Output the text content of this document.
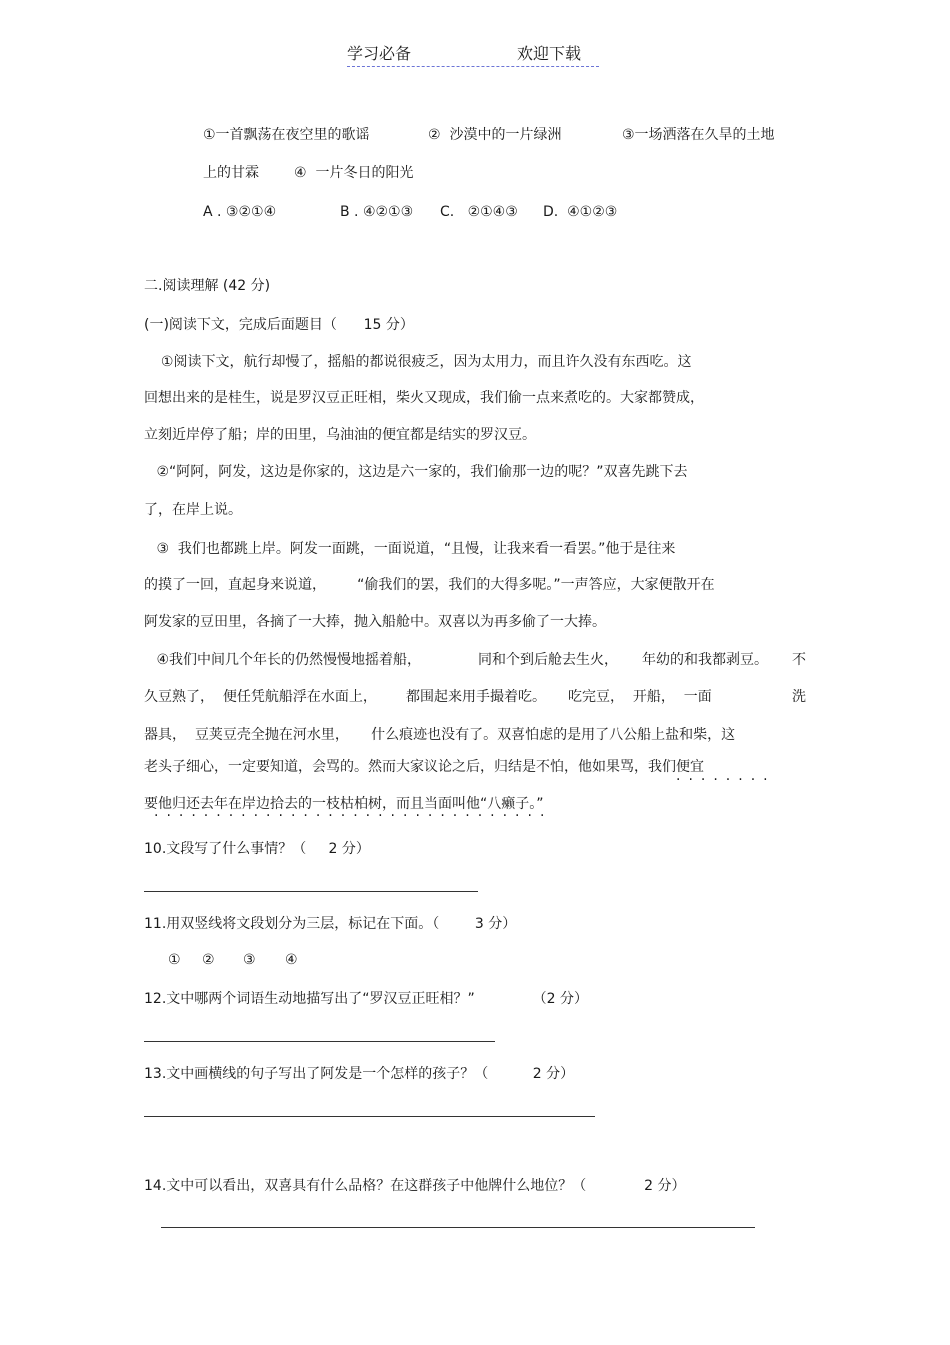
学习必备	欢迎下载
①一首飘荡在夜空里的歌谣	②  沙漠中的一片绿洲	③一场洒落在久旱的土地
上的甘霖	④  一片冬日的阳光
A . ③②①④	B . ④②①③ C.   ②①④③ D.  ④①②③
二.阅读理解 (42 分)
(一)阅读下文，完成后面题目（      15 分）
①阅读下文，航行却慢了，摇船的都说很疲乏，因为太用力，而且许久没有东西吃。这
回想出来的是桂生，说是罗汉豆正旺相，柴火又现成，我们偷一点来煮吃的。大家都赞成，
立刻近岸停了船；岸的田里，乌油油的便宜都是结实的罗汉豆。
②“阿阿，阿发，这边是你家的，这边是六一家的，我们偷那一边的呢？”双喜先跳下去
了，在岸上说。
③  我们也都跳上岸。阿发一面跳，一面说道，“且慢，让我来看一看罢。”他于是往来
的摸了一回，直起身来说道，       “偷我们的罢，我们的大得多呢。”一声答应，大家便散开在
阿发家的豆田里，各摘了一大捧，抛入船舱中。双喜以为再多偷了一大捧。
④我们中间几个年长的仍然慢慢地摇着船，	同和个到后舱去生火， 年幼的和我都剥豆。 不
久豆熟了，  便任凭航船浮在水面上， 都围起来用手撮着吃。 吃完豆，  开船，  一面	洗
器具，  豆荚豆壳全抛在河水里，     什么痕迹也没有了。双喜怕虑的是用了八公船上盐和柴，这
老头子细心，一定要知道，会骂的。然而大家议论之后，归结是不怕，他如果骂，我们便宜
········
要他归还去年在岸边拾去的一枝枯柏树，而且当面叫他“八癞子。”
································
10.文段写了什么事情？（     2 分）
11.用双竖线将文段划分为三层，标记在下面。（        3 分）
① ② ③ ④
12.文中哪两个词语生动地描写出了“罗汉豆正旺相？”             （2 分）
13.文中画横线的句子写出了阿发是一个怎样的孩子？（          2 分）
14.文中可以看出，双喜具有什么品格？在这群孩子中他牌什么地位？（             2 分）
